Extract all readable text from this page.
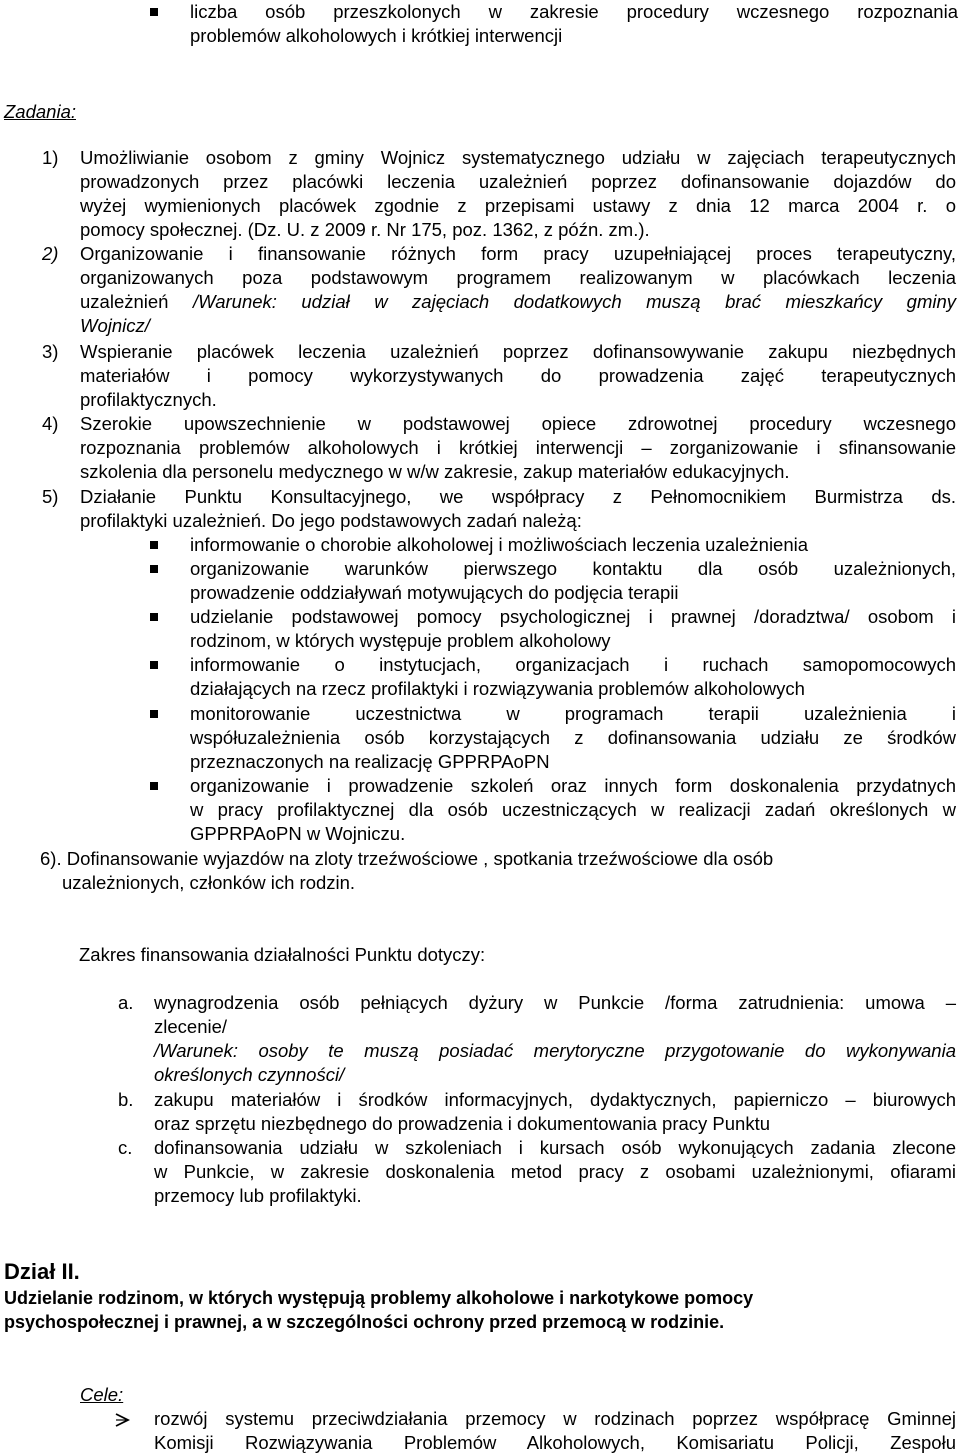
liczba osób przeszkolonych w zakresie procedury wczesnego rozpoznania
problemów alkoholowych i krótkiej interwencji
Zadania:
1) Umożliwianie osobom z gminy Wojnicz systematycznego udziału w zajęciach terapeutycznych
prowadzonych przez placówki leczenia uzależnień poprzez dofinansowanie dojazdów do
wyżej wymienionych placówek zgodnie z przepisami ustawy z dnia 12 marca 2004 r. o
pomocy społecznej. (Dz. U. z 2009 r. Nr 175, poz. 1362, z późn. zm.).
2) Organizowanie i finansowanie różnych form pracy uzupełniającej proces terapeutyczny,
organizowanych poza podstawowym programem realizowanym w placówkach leczenia
uzależnień /Warunek: udział w zajęciach dodatkowych muszą brać mieszkańcy gminy
Wojnicz/
3) Wspieranie placówek leczenia uzależnień poprzez dofinansowywanie zakupu niezbędnych
materiałów i pomocy wykorzystywanych do prowadzenia zajęć terapeutycznych
profilaktycznych.
4) Szerokie upowszechnienie w podstawowej opiece zdrowotnej procedury wczesnego
rozpoznania problemów alkoholowych i krótkiej interwencji – zorganizowanie i sfinansowanie
szkolenia dla personelu medycznego w w/w zakresie, zakup materiałów edukacyjnych.
5) Działanie Punktu Konsultacyjnego, we współpracy z Pełnomocnikiem Burmistrza ds.
profilaktyki uzależnień. Do jego podstawowych zadań należą:
informowanie o chorobie alkoholowej i możliwościach leczenia uzależnienia
organizowanie warunków pierwszego kontaktu dla osób uzależnionych,
prowadzenie oddziaływań motywujących do podjęcia terapii
udzielanie podstawowej pomocy psychologicznej i prawnej /doradztwa/ osobom i
rodzinom, w których występuje problem alkoholowy
informowanie o instytucjach, organizacjach i ruchach samopomocowych
działających na rzecz profilaktyki i rozwiązywania problemów alkoholowych
monitorowanie uczestnictwa w programach terapii uzależnienia i
współuzależnienia osób korzystających z dofinansowania udziału ze środków
przeznaczonych na realizację GPPRPAoPN
organizowanie i prowadzenie szkoleń oraz innych form doskonalenia przydatnych
w pracy profilaktycznej dla osób uczestniczących w realizacji zadań określonych w
GPPRPAoPN w Wojniczu.
6). Dofinansowanie wyjazdów na zloty trzeźwościowe , spotkania trzeźwościowe dla osób
uzależnionych, członków ich rodzin.
Zakres finansowania działalności Punktu dotyczy:
a. wynagrodzenia osób pełniących dyżury w Punkcie /forma zatrudnienia: umowa –
zlecenie/
/Warunek: osoby te muszą posiadać merytoryczne przygotowanie do wykonywania
określonych czynności/
b. zakupu materiałów i środków informacyjnych, dydaktycznych, papierniczo – biurowych
oraz sprzętu niezbędnego do prowadzenia i dokumentowania pracy Punktu
c. dofinansowania udziału w szkoleniach i kursach osób wykonujących zadania zlecone
w Punkcie, w zakresie doskonalenia metod pracy z osobami uzależnionymi, ofiarami
przemocy lub profilaktyki.
Dział II.
Udzielanie rodzinom, w których występują problemy alkoholowe i narkotykowe pomocy
psychospołecznej i prawnej, a w szczególności ochrony przed przemocą w rodzinie.
Cele:
rozwój systemu przeciwdziałania przemocy w rodzinach poprzez współpracę Gminnej
Komisji Rozwiązywania Problemów Alkoholowych, Komisariatu Policji, Zespołu
